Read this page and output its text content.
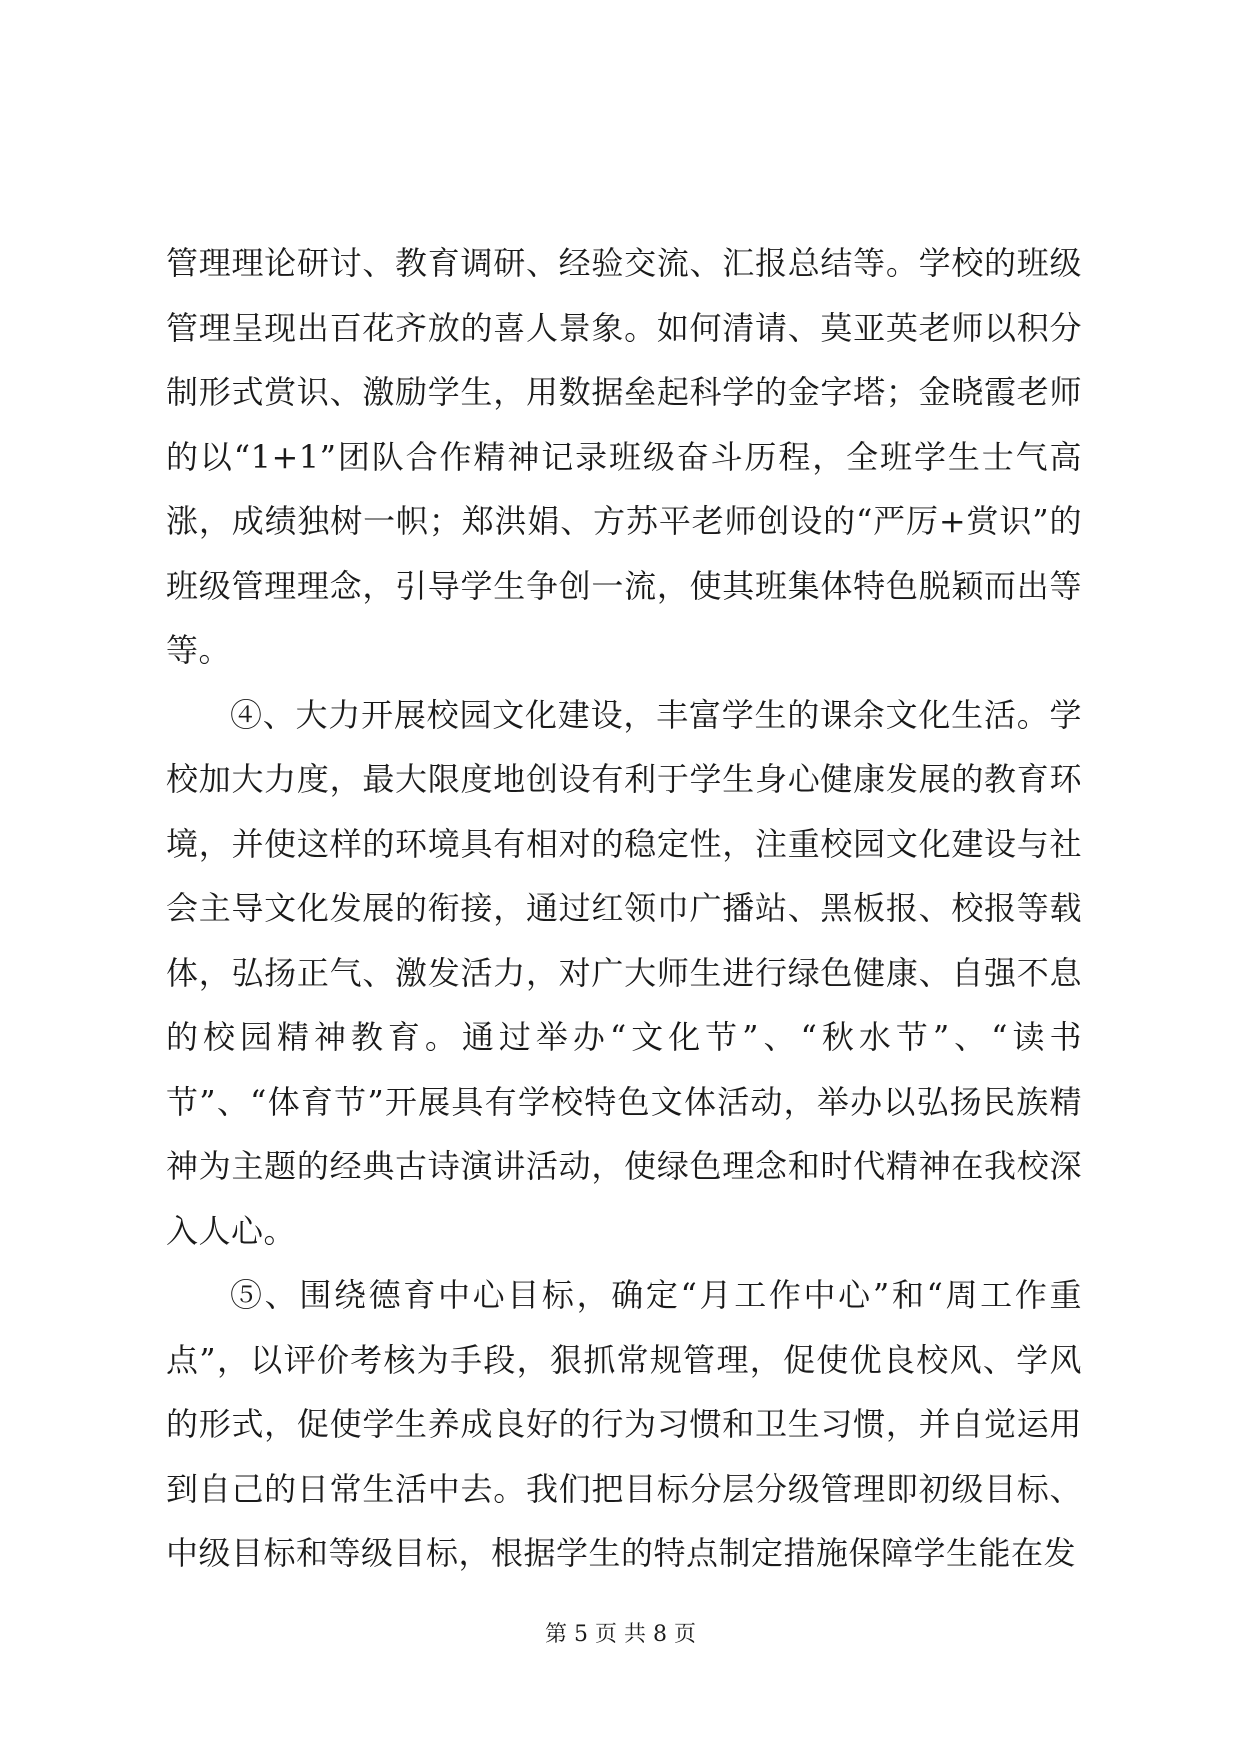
管理理论研讨、教育调研、经验交流、汇报总结等。学校的班级管理呈现出百花齐放的喜人景象。如何清请、莫亚英老师以积分制形式赏识、激励学生，用数据垒起科学的金字塔；金晓霞老师的以“1+1”团队合作精神记录班级奋斗历程，全班学生士气高涨，成绩独树一帜；郑洪娟、方苏平老师创设的“严厉+赏识”的班级管理理念，引导学生争创一流，使其班集体特色脱颖而出等等。

④、大力开展校园文化建设，丰富学生的课余文化生活。学校加大力度，最大限度地创设有利于学生身心健康发展的教育环境，并使这样的环境具有相对的稳定性，注重校园文化建设与社会主导文化发展的衔接，通过红领巾广播站、黑板报、校报等载体，弘扬正气、激发活力，对广大师生进行绿色健康、自强不息的校园精神教育。通过举办“文化节”、“秋水节”、“读书节”、“体育节”开展具有学校特色文体活动，举办以弘扬民族精神为主题的经典古诗演讲活动，使绿色理念和时代精神在我校深入人心。

⑤、围绕德育中心目标，确定“月工作中心”和“周工作重点”，以评价考核为手段，狠抓常规管理，促使优良校风、学风的形式，促使学生养成良好的行为习惯和卫生习惯，并自觉运用到自己的日常生活中去。我们把目标分层分级管理即初级目标、中级目标和等级目标，根据学生的特点制定措施保障学生能在发

第 5 页 共 8 页
